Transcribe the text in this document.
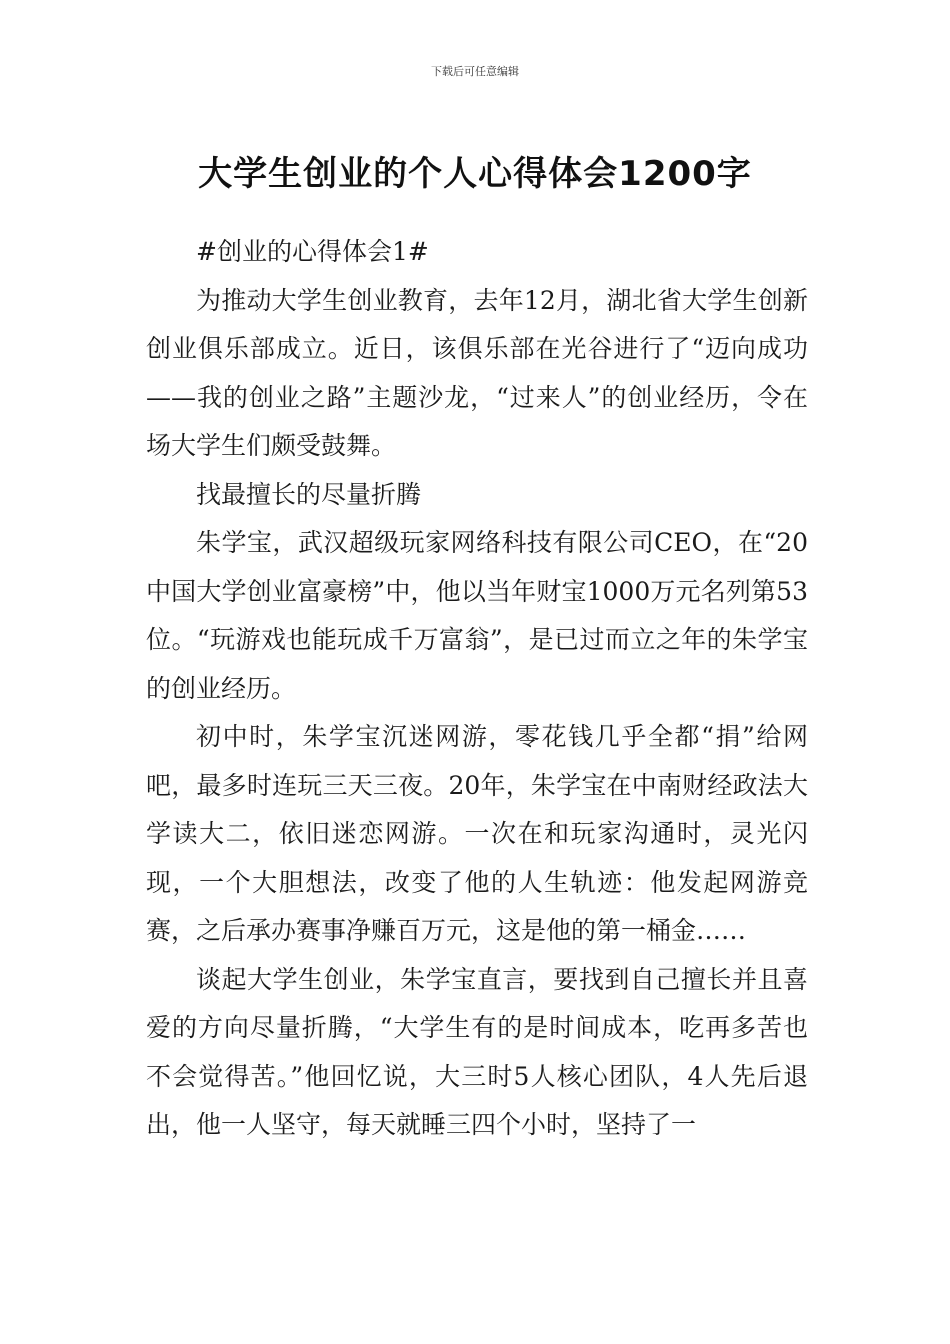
下载后可任意编辑
大学生创业的个人心得体会1200字

#创业的心得体会1#

为推动大学生创业教育，去年12月，湖北省大学生创新创业俱乐部成立。近日，该俱乐部在光谷进行了“迈向成功——我的创业之路”主题沙龙，“过来人”的创业经历，令在场大学生们颇受鼓舞。

找最擅长的尽量折腾

朱学宝，武汉超级玩家网络科技有限公司CEO，在“20中国大学创业富豪榜”中，他以当年财宝1000万元名列第53位。“玩游戏也能玩成千万富翁”，是已过而立之年的朱学宝的创业经历。

初中时，朱学宝沉迷网游，零花钱几乎全都“捐”给网吧，最多时连玩三天三夜。20年，朱学宝在中南财经政法大学读大二，依旧迷恋网游。一次在和玩家沟通时，灵光闪现，一个大胆想法，改变了他的人生轨迹：他发起网游竞赛，之后承办赛事净赚百万元，这是他的第一桶金……

谈起大学生创业，朱学宝直言，要找到自己擅长并且喜爱的方向尽量折腾，“大学生有的是时间成本，吃再多苦也不会觉得苦。”他回忆说，大三时5人核心团队，4人先后退出，他一人坚守，每天就睡三四个小时，坚持了一
